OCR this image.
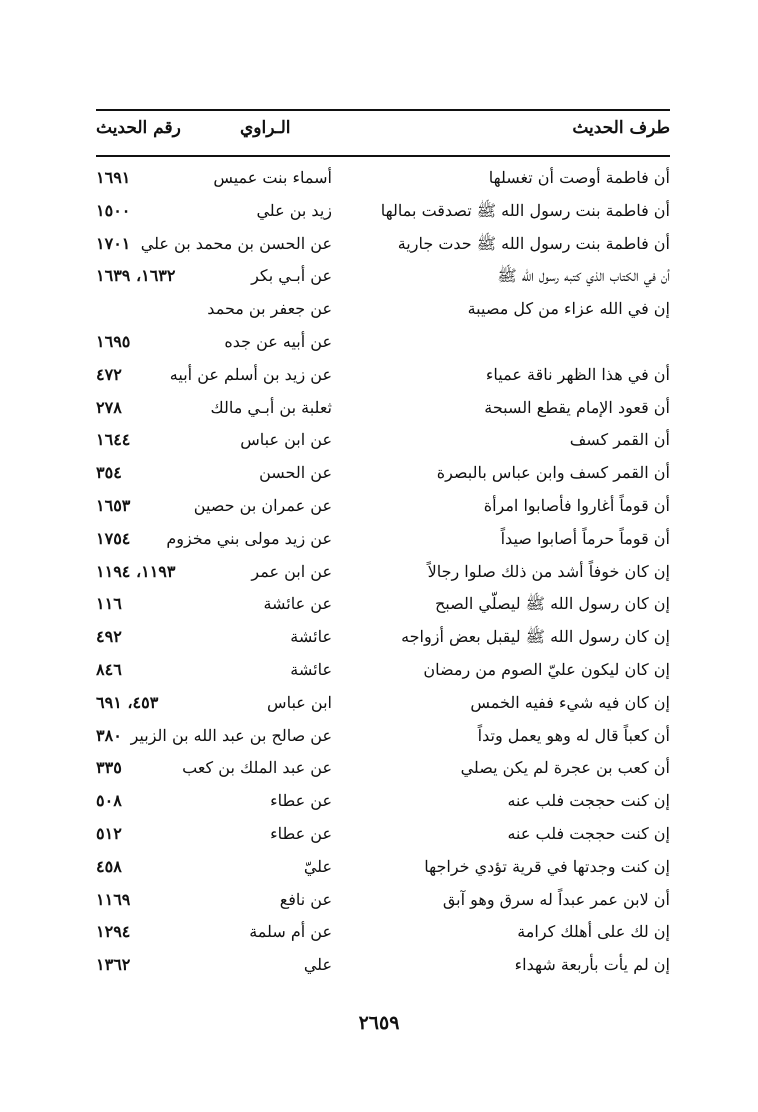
طرف الحديث
الـراوي
رقم الحديث
أن فاطمة أوصت أن تغسلها
أسماء بنت عميس
١٦٩١
أن فاطمة بنت رسول الله ﷺ تصدقت بمالها
زيد بن علي
١٥٠٠
أن فاطمة بنت رسول الله ﷺ حدت جارية
عن الحسن بن محمد بن علي
١٧٠١
أن في الكتاب الذي كتبه رسول الله ﷺ
عن أبـي بكر
١٦٣٢، ١٦٣٩
إن في الله عزاء من كل مصيبة
عن جعفر بن محمد
عن أبيه عن جده
١٦٩٥
أن في هذا الظهر ناقة عمياء
عن زيد بن أسلم عن أبيه
٤٧٢
أن قعود الإمام يقطع السبحة
ثعلبة بن أبـي مالك
٢٧٨
أن القمر كسف
عن ابن عباس
١٦٤٤
أن القمر كسف وابن عباس بالبصرة
عن الحسن
٣٥٤
أن قوماً أغاروا فأصابوا امرأة
عن عمران بن حصين
١٦٥٣
أن قوماً حرماً أصابوا صيداً
عن زيد مولى بني مخزوم
١٧٥٤
إن كان خوفاً أشد من ذلك صلوا رجالاً
عن ابن عمر
١١٩٣، ١١٩٤
إن كان رسول الله ﷺ ليصلّي الصبح
عن عائشة
١١٦
إن كان رسول الله ﷺ ليقبل بعض أزواجه
عائشة
٤٩٢
إن كان ليكون عليّ الصوم من رمضان
عائشة
٨٤٦
إن كان فيه شيء ففيه الخمس
ابن عباس
٤٥٣، ٦٩١
أن كعباً قال له وهو يعمل وتداً
عن صالح بن عبد الله بن الزبير
٣٨٠
أن كعب بن عجرة لم يكن يصلي
عن عبد الملك بن كعب
٣٣٥
إن كنت حججت فلب عنه
عن عطاء
٥٠٨
إن كنت حججت فلب عنه
عن عطاء
٥١٢
إن كنت وجدتها في قرية تؤدي خراجها
عليّ
٤٥٨
أن لابن عمر عبداً له سرق وهو آبق
عن نافع
١١٦٩
إن لك على أهلك كرامة
عن أم سلمة
١٢٩٤
إن لم يأت بأربعة شهداء
علي
١٣٦٢
٢٦٥٩
